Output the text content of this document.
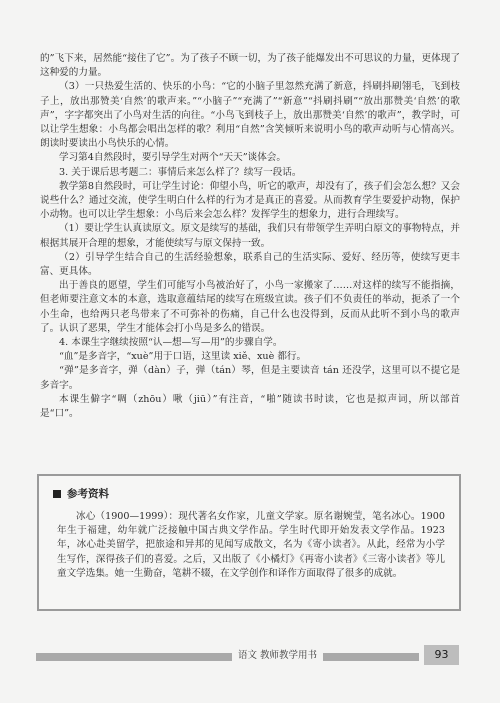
的”飞下来，居然能“接住了它”。为了孩子不顾一切，为了孩子能爆发出不可思议的力量，更体现了这种爱的力量。

（3）一只热爱生活的、快乐的小鸟：“它的小脑子里忽然充满了新意，抖刷抖刷翎毛，飞到枝子上，放出那赞美‘自然’的歌声来。”“小脑子”“充满了”“新意”“抖刷抖刷”“放出那赞美‘自然’的歌声”，字字都突出了小鸟对生活的向往。“小鸟飞到枝子上，放出那赞美‘自然’的歌声”，教学时，可以让学生想象：小鸟都会唱出怎样的歌？利用“自然”含笑倾听来说明小鸟的歌声动听与心情高兴。朗读时要读出小鸟快乐的心情。

学习第4自然段时，要引导学生对两个“天天”谈体会。

3. 关于课后思考题二：事情后来怎么样了？续写一段话。

教学第8自然段时，可让学生讨论：仰望小鸟，听它的歌声，却没有了，孩子们会怎么想？又会说些什么？通过交流，使学生明白什么样的行为才是真正的喜爱。从而教育学生要爱护动物，保护小动物。也可以让学生想象：小鸟后来会怎么样？发挥学生的想象力，进行合理续写。

（1）要让学生认真读原文。原文是续写的基础，我们只有带领学生弄明白原文的事物特点，并根据其展开合理的想象，才能使续写与原文保持一致。

（2）引导学生结合自己的生活经验想象，联系自己的生活实际、爱好、经历等，使续写更丰富、更具体。

出于善良的愿望，学生们可能写小鸟被治好了，小鸟一家搬家了……对这样的续写不能指摘，但老师要注意文本的本意，选取意蕴结尾的续写在班级宣读。孩子们不负责任的举动，扼杀了一个小生命，也给两只老鸟带来了不可弥补的伤痛，自己什么也没得到，反而从此听不到小鸟的歌声了。认识了恶果，学生才能体会打小鸟是多么的错误。

4. 本课生字继续按照“认—想—写—用”的步骤自学。

“血”是多音字，“xuè”用于口语，这里读 xiě、xuè 都行。

“弹”是多音字，弹（dàn）子，弹（tán）琴，但是主要读音 tán 还没学，这里可以不提它是多音字。

本课生僻字“啁（zhōu）啾（jiū）”有注音，“啪”随读书时读，它也是拟声词，所以部首是“口”。

参考资料

冰心（1900—1999）：现代著名女作家，儿童文学家。原名谢婉莹，笔名冰心。1900年生于福建，幼年就广泛接触中国古典文学作品。学生时代即开始发表文学作品。1923年，冰心赴美留学，把旅途和异邦的见闻写成散文，名为《寄小读者》。从此，经常为小学生写作，深得孩子们的喜爱。之后，又出版了《小橘灯》《再寄小读者》《三寄小读者》等儿童文学选集。她一生勤奋，笔耕不辍，在文学创作和译作方面取得了很多的成就。

语文 教师教学用书	93
